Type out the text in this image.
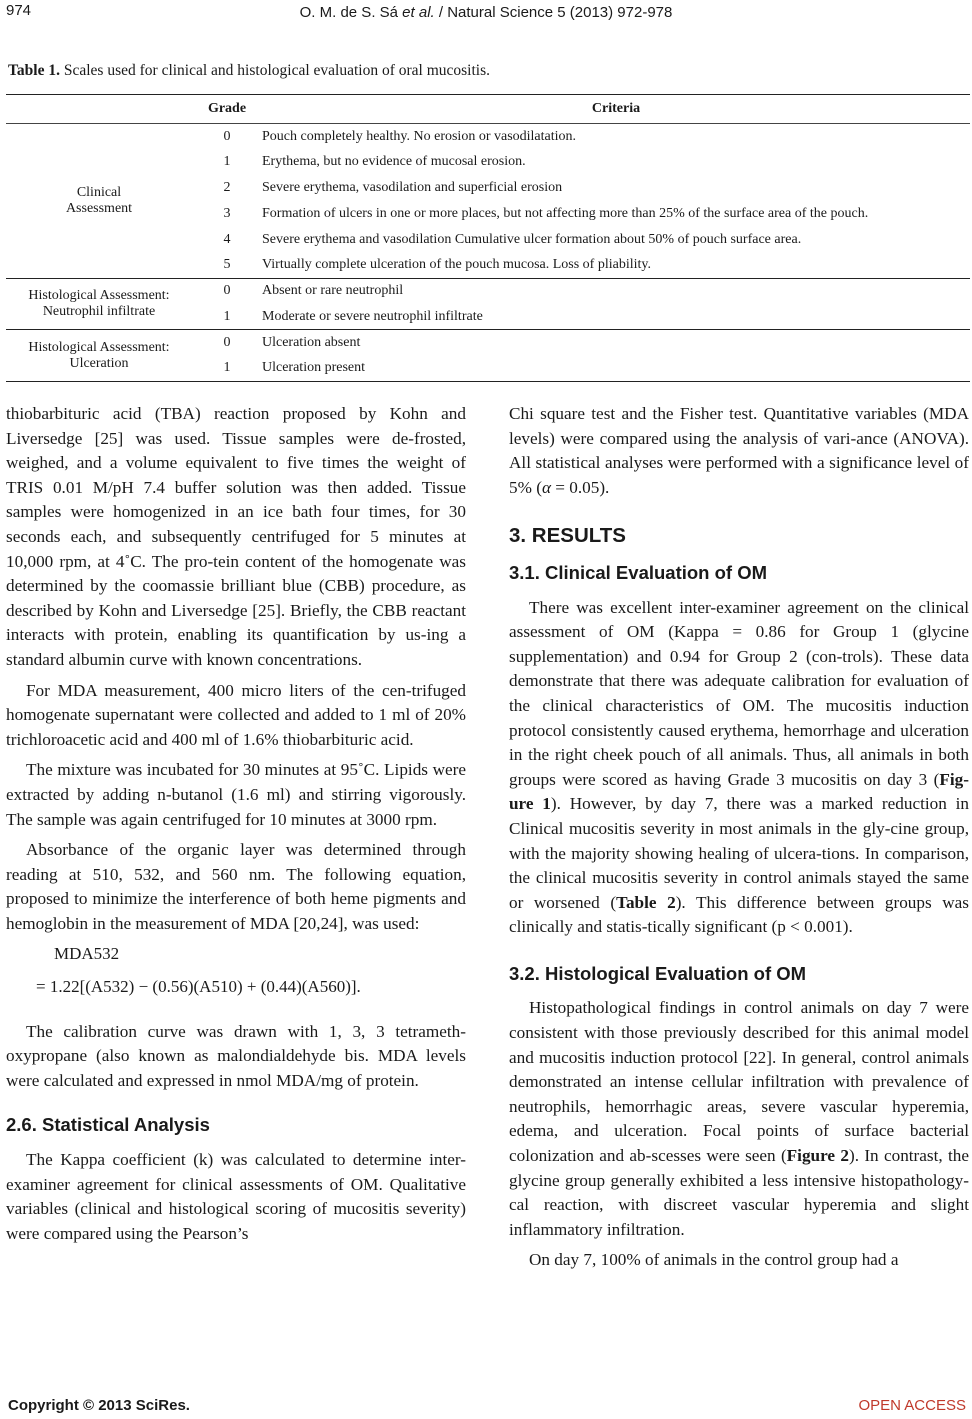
974	O. M. de S. Sá et al. / Natural Science 5 (2013) 972-978
Table 1. Scales used for clinical and histological evaluation of oral mucositis.
	Grade	Criteria
Clinical
Assessment	0	Pouch completely healthy. No erosion or vasodilatation.
	1	Erythema, but no evidence of mucosal erosion.
	2	Severe erythema, vasodilation and superficial erosion
	3	Formation of ulcers in one or more places, but not affecting more than 25% of the surface area of the pouch.
	4	Severe erythema and vasodilation Cumulative ulcer formation about 50% of pouch surface area.
	5	Virtually complete ulceration of the pouch mucosa. Loss of pliability.
Histological Assessment:
Neutrophil infiltrate	0	Absent or rare neutrophil
	1	Moderate or severe neutrophil infiltrate
Histological Assessment:
Ulceration	0	Ulceration absent
	1	Ulceration present

thiobarbituric acid (TBA) reaction proposed by Kohn and Liversedge [25] was used. Tissue samples were de-frosted, weighed, and a volume equivalent to five times the weight of TRIS 0.01 M/pH 7.4 buffer solution was then added. Tissue samples were homogenized in an ice bath four times, for 30 seconds each, and subsequently centrifuged for 5 minutes at 10,000 rpm, at 4˚C. The pro-tein content of the homogenate was determined by the coomassie brilliant blue (CBB) procedure, as described by Kohn and Liversedge [25]. Briefly, the CBB reactant interacts with protein, enabling its quantification by us-ing a standard albumin curve with known concentrations.

For MDA measurement, 400 micro liters of the cen-trifuged homogenate supernatant were collected and added to 1 ml of 20% trichloroacetic acid and 400 ml of 1.6% thiobarbituric acid.

The mixture was incubated for 30 minutes at 95˚C. Lipids were extracted by adding n-butanol (1.6 ml) and stirring vigorously. The sample was again centrifuged for 10 minutes at 3000 rpm.

Absorbance of the organic layer was determined through reading at 510, 532, and 560 nm. The following equation, proposed to minimize the interference of both heme pigments and hemoglobin in the measurement of MDA [20,24], was used:

MDA532
= 1.22[(A532) − (0.56)(A510) + (0.44)(A560)].

The calibration curve was drawn with 1, 3, 3 tetrameth-oxypropane (also known as malondialdehyde bis. MDA levels were calculated and expressed in nmol MDA/mg of protein.

2.6. Statistical Analysis

The Kappa coefficient (k) was calculated to determine inter-examiner agreement for clinical assessments of OM. Qualitative variables (clinical and histological scoring of mucositis severity) were compared using the Pearson’s

Chi square test and the Fisher test. Quantitative variables (MDA levels) were compared using the analysis of vari-ance (ANOVA). All statistical analyses were performed with a significance level of 5% (α = 0.05).

3. RESULTS
3.1. Clinical Evaluation of OM

There was excellent inter-examiner agreement on the clinical assessment of OM (Kappa = 0.86 for Group 1 (glycine supplementation) and 0.94 for Group 2 (con-trols). These data demonstrate that there was adequate calibration for evaluation of the clinical characteristics of OM. The mucositis induction protocol consistently caused erythema, hemorrhage and ulceration in the right cheek pouch of all animals. Thus, all animals in both groups were scored as having Grade 3 mucositis on day 3 (Fig-ure 1). However, by day 7, there was a marked reduction in Clinical mucositis severity in most animals in the gly-cine group, with the majority showing healing of ulcera-tions. In comparison, the clinical mucositis severity in control animals stayed the same or worsened (Table 2). This difference between groups was clinically and statis-tically significant (p < 0.001).

3.2. Histological Evaluation of OM

Histopathological findings in control animals on day 7 were consistent with those previously described for this animal model and mucositis induction protocol [22]. In general, control animals demonstrated an intense cellular infiltration with prevalence of neutrophils, hemorrhagic areas, severe vascular hyperemia, edema, and ulceration. Focal points of surface bacterial colonization and ab-scesses were seen (Figure 2). In contrast, the glycine group generally exhibited a less intensive histopathology-cal reaction, with discreet vascular hyperemia and slight inflammatory infiltration.

On day 7, 100% of animals in the control group had a

Copyright © 2013 SciRes.	OPEN ACCESS
